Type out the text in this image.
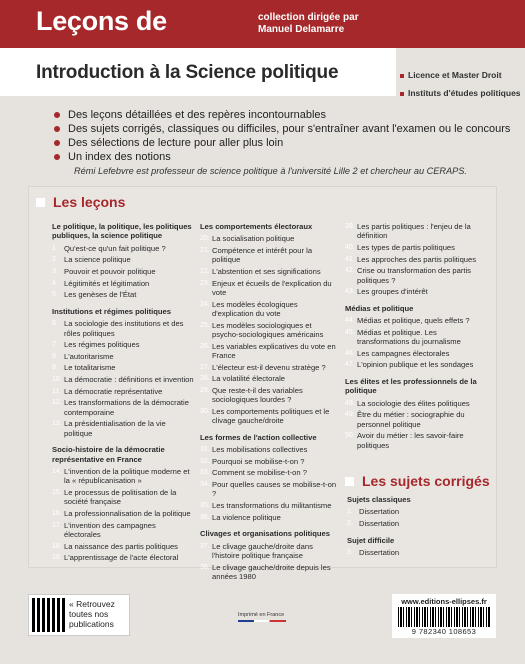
Leçons de	collection dirigée par
Manuel Delamarre
Introduction à la Science politique	Licence et Master Droit
Instituts d'études politiques
Des leçons détaillées et des repères incontournables
Des sujets corrigés, classiques ou difficiles, pour s'entraîner avant l'examen ou le concours
Des sélections de lecture pour aller plus loin
Un index des notions
Rémi Lefebvre est professeur de science politique à l'université Lille 2 et chercheur au CERAPS.
Les leçons
Le politique, la politique, les politiques publiques, la science politique
1. Qu'est-ce qu'un fait politique ?
2. La science politique
3. Pouvoir et pouvoir politique
4. Légitimités et légitimation
5. Les genèses de l'État
Institutions et régimes politiques
6. La sociologie des institutions et des rôles politiques
7. Les régimes politiques
8. L'autoritarisme
9. Le totalitarisme
10. La démocratie : définitions et invention
11. La démocratie représentative
12. Les transformations de la démocratie contemporaine
13. La présidentialisation de la vie politique
Socio-histoire de la démocratie représentative en France
14. L'invention de la politique moderne et la « républicanisation »
15. Le processus de politisation de la société française
16. La professionnalisation de la politique
17. L'invention des campagnes électorales
18. La naissance des partis politiques
19. L'apprentissage de l'acte électoral
Les comportements électoraux
20. La socialisation politique
21. Compétence et intérêt pour la politique
22. L'abstention et ses significations
23. Enjeux et écueils de l'explication du vote
24. Les modèles écologiques d'explication du vote
25. Les modèles sociologiques et psycho-sociologiques américains
26. Les variables explicatives du vote en France
27. L'électeur est-il devenu stratège ?
28. La volatilité électorale
29. Que reste-t-il des variables sociologiques lourdes ?
30. Les comportements politiques et le clivage gauche/droite
Les formes de l'action collective
31. Les mobilisations collectives
32. Pourquoi se mobilise-t-on ?
33. Comment se mobilise-t-on ?
34. Pour quelles causes se mobilise-t-on ?
35. Les transformations du militantisme
36. La violence politique
Clivages et organisations politiques
37. Le clivage gauche/droite dans l'histoire politique française
38. Le clivage gauche/droite depuis les années 1980
39. Les partis politiques : l'enjeu de la définition
40. Les types de partis politiques
41. Les approches des partis politiques
42. Crise ou transformation des partis politiques ?
43. Les groupes d'intérêt
Médias et politique
44. Médias et politique, quels effets ?
45. Médias et politique. Les transformations du journalisme
46. Les campagnes électorales
47. L'opinion publique et les sondages
Les élites et les professionnels de la politique
48. La sociologie des élites politiques
49. Être du métier : sociographie du personnel politique
50. Avoir du métier : les savoir-faire politiques
Les sujets corrigés
Sujets classiques
1. Dissertation
2. Dissertation
Sujet difficile
3. Dissertation
« Retrouvez toutes nos publications
Imprimé en France
www.editions-ellipses.fr
9 782340 108653
